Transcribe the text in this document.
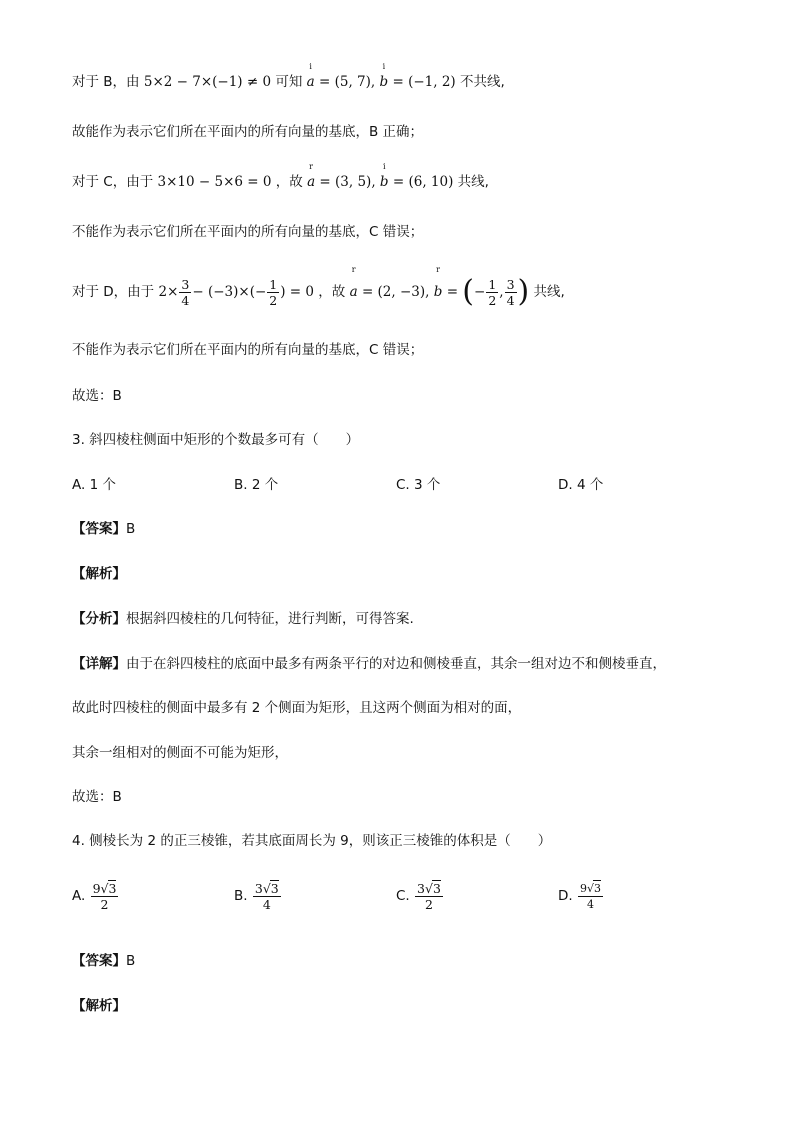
对于 B，由 5×2 − 7×(−1) ≠ 0 可知
i
a = (5, 7),
i
b = (−1, 2) 不共线,
故能作为表示它们所在平面内的所有向量的基底，B 正确；
对于 C，由于 3×10 − 5×6 = 0 ，故
r
a = (3, 5),
i
b = (6, 10) 共线,
不能作为表示它们所在平面内的所有向量的基底，C 错误；
对于 D，由于 $2\times \frac{3}{4} - (-3)\times(- \frac{1}{2}$ ) = 0 ，故
r
a = (2, −3),
r
b = (− $\frac{1}{2}$ , $\frac{3}{4}$ ) 共线,
不能作为表示它们所在平面内的所有向量的基底，C 错误；
故选：B
3. 斜四棱柱侧面中矩形的个数最多可有（　　）
A. 1 个	B. 2 个	C. 3 个	D. 4 个
【答案】B
【解析】
【分析】根据斜四棱柱的几何特征，进行判断，可得答案.
【详解】由于在斜四棱柱的底面中最多有两条平行的对边和侧棱垂直，其余一组对边不和侧棱垂直，
故此时四棱柱的侧面中最多有 2 个侧面为矩形，且这两个侧面为相对的面，
其余一组相对的侧面不可能为矩形，
故选：B
4. 侧棱长为 2 的正三棱锥，若其底面周长为 9，则该正三棱锥的体积是（　　）
A. $\frac{9√3}{2}$	B. $\frac{3√3}{4}$	C. $\frac{3√3}{2}$	D. $\frac{9√3}{4}$
【答案】B
【解析】
